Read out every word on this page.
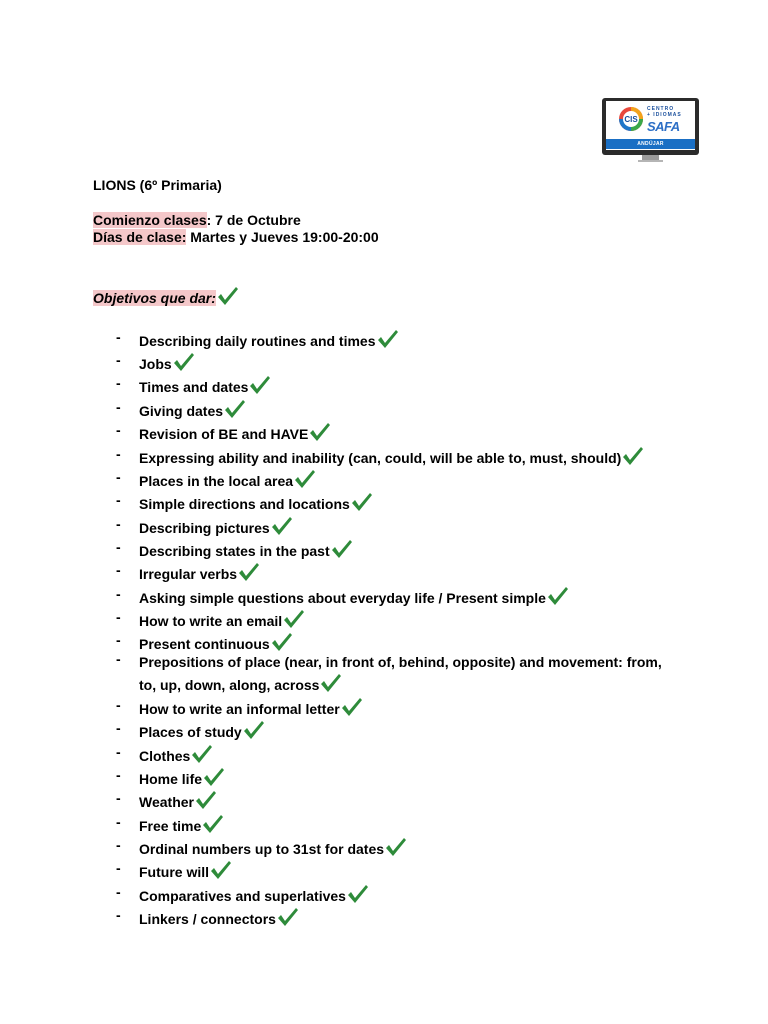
CIS
CENTRO
+ IDIOMAS
SAFA
ANDÚJAR
LIONS (6º Primaria)
Comienzo clases: 7 de Octubre
Días de clase: Martes y Jueves 19:00-20:00
Objetivos que dar:
- Describing daily routines and times
- Jobs
- Times and dates
- Giving dates
- Revision of BE and HAVE
- Expressing ability and inability (can, could, will be able to, must, should)
- Places in the local area
- Simple directions and locations
- Describing pictures
- Describing states in the past
- Irregular verbs
- Asking simple questions about everyday life / Present simple
- How to write an email
- Present continuous
- Prepositions of place (near, in front of, behind, opposite) and movement: from, to, up, down, along, across
- How to write an informal letter
- Places of study
- Clothes
- Home life
- Weather
- Free time
- Ordinal numbers up to 31st for dates
- Future will
- Comparatives and superlatives
- Linkers / connectors
